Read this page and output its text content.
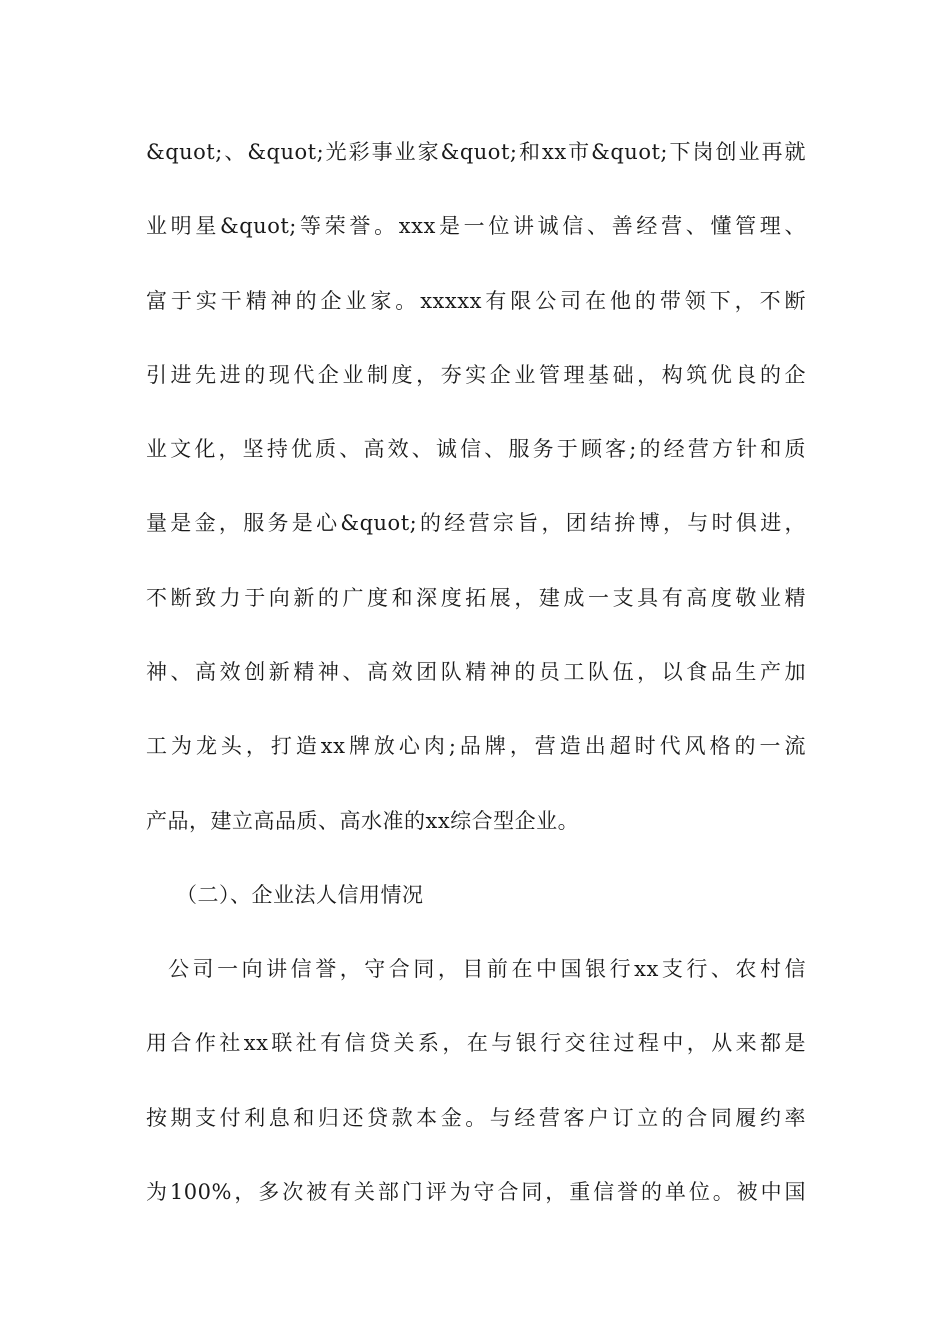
&quot;、&quot;光彩事业家&quot;和xx市&quot;下岗创业再就

业明星&quot;等荣誉。xxx是一位讲诚信、善经营、懂管理、

富于实干精神的企业家。xxxxx有限公司在他的带领下，不断

引进先进的现代企业制度，夯实企业管理基础，构筑优良的企

业文化，坚持优质、高效、诚信、服务于顾客;的经营方针和质

量是金，服务是心&quot;的经营宗旨，团结拚博，与时俱进，

不断致力于向新的广度和深度拓展，建成一支具有高度敬业精

神、高效创新精神、高效团队精神的员工队伍，以食品生产加

工为龙头，打造xx牌放心肉;品牌，营造出超时代风格的一流

产品，建立高品质、高水准的xx综合型企业。

（二）、企业法人信用情况

公司一向讲信誉，守合同，目前在中国银行xx支行、农村信

用合作社xx联社有信贷关系，在与银行交往过程中，从来都是

按期支付利息和归还贷款本金。与经营客户订立的合同履约率

为100%，多次被有关部门评为守合同，重信誉的单位。被中国
